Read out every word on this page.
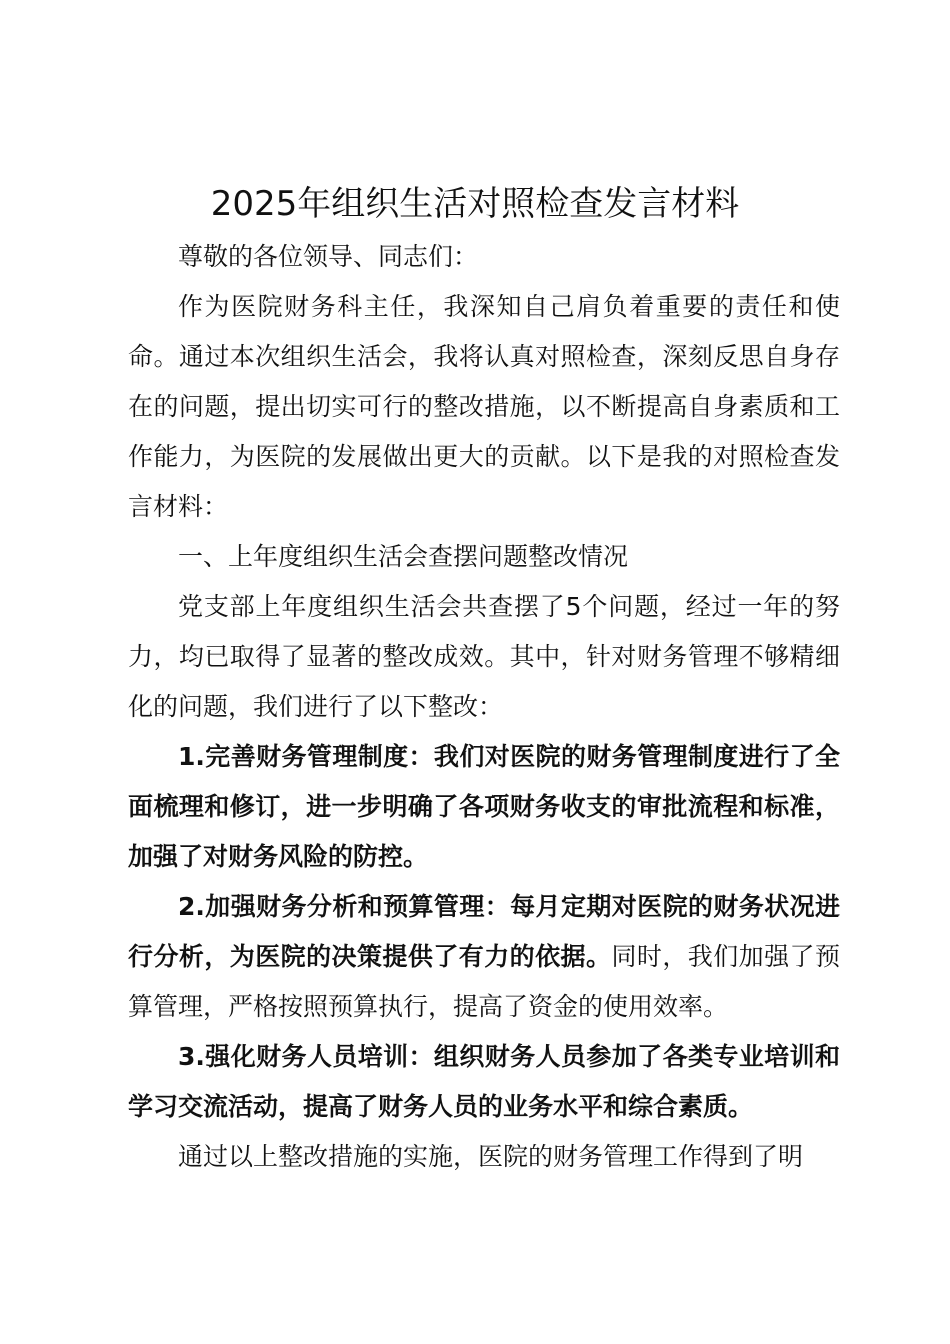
2025年组织生活对照检查发言材料

尊敬的各位领导、同志们：

作为医院财务科主任，我深知自己肩负着重要的责任和使命。通过本次组织生活会，我将认真对照检查，深刻反思自身存在的问题，提出切实可行的整改措施，以不断提高自身素质和工作能力，为医院的发展做出更大的贡献。以下是我的对照检查发言材料：

一、上年度组织生活会查摆问题整改情况

党支部上年度组织生活会共查摆了5个问题，经过一年的努力，均已取得了显著的整改成效。其中，针对财务管理不够精细化的问题，我们进行了以下整改：

1.完善财务管理制度：我们对医院的财务管理制度进行了全面梳理和修订，进一步明确了各项财务收支的审批流程和标准，加强了对财务风险的防控。

2.加强财务分析和预算管理：每月定期对医院的财务状况进行分析，为医院的决策提供了有力的依据。同时，我们加强了预算管理，严格按照预算执行，提高了资金的使用效率。

3.强化财务人员培训：组织财务人员参加了各类专业培训和学习交流活动，提高了财务人员的业务水平和综合素质。

通过以上整改措施的实施，医院的财务管理工作得到了明
